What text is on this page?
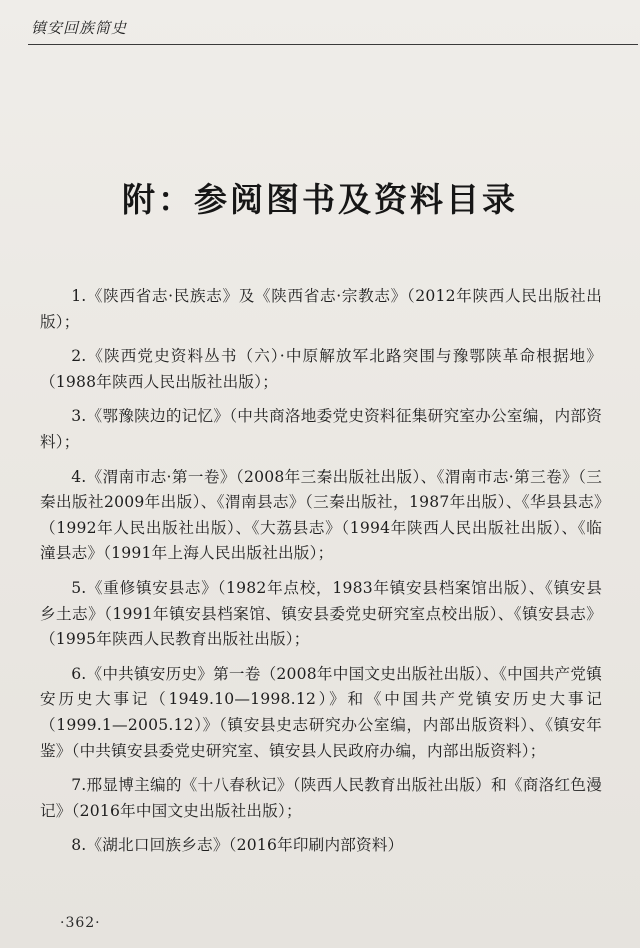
镇安回族简史
附：参阅图书及资料目录

1.《陕西省志·民族志》及《陕西省志·宗教志》（2012年陕西人民出版社出版）；

2.《陕西党史资料丛书（六）·中原解放军北路突围与豫鄂陕革命根据地》（1988年陕西人民出版社出版）；

3.《鄂豫陕边的记忆》（中共商洛地委党史资料征集研究室办公室编，内部资料）；

4.《渭南市志·第一卷》（2008年三秦出版社出版）、《渭南市志·第三卷》（三秦出版社2009年出版）、《渭南县志》（三秦出版社，1987年出版）、《华县县志》（1992年人民出版社出版）、《大荔县志》（1994年陕西人民出版社出版）、《临潼县志》（1991年上海人民出版社出版）；

5.《重修镇安县志》（1982年点校，1983年镇安县档案馆出版）、《镇安县乡土志》（1991年镇安县档案馆、镇安县委党史研究室点校出版）、《镇安县志》（1995年陕西人民教育出版社出版）；

6.《中共镇安历史》第一卷（2008年中国文史出版社出版）、《中国共产党镇安历史大事记（1949.10—1998.12）》和《中国共产党镇安历史大事记（1999.1—2005.12）》（镇安县史志研究办公室编，内部出版资料）、《镇安年鉴》（中共镇安县委党史研究室、镇安县人民政府办编，内部出版资料）；

7.邢显博主编的《十八春秋记》（陕西人民教育出版社出版）和《商洛红色漫记》（2016年中国文史出版社出版）；

8.《湖北口回族乡志》（2016年印刷内部资料）

·362·
